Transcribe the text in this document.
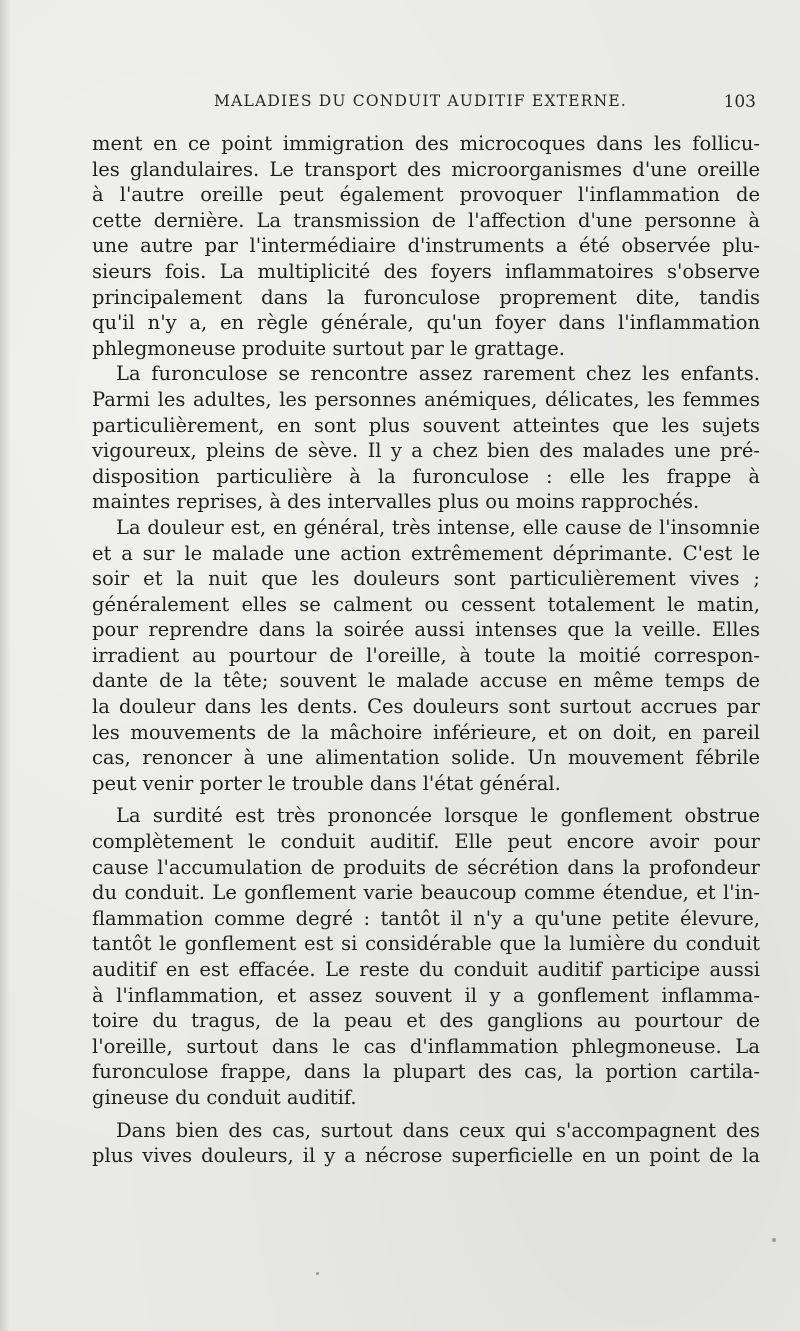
MALADIES DU CONDUIT AUDITIF EXTERNE.	103
ment en ce point immigration des microcoques dans les follicu-
les glandulaires. Le transport des microorganismes d'une oreille
à l'autre oreille peut également provoquer l'inflammation de
cette dernière. La transmission de l'affection d'une personne à
une autre par l'intermédiaire d'instruments a été observée plu-
sieurs fois. La multiplicité des foyers inflammatoires s'observe
principalement dans la furonculose proprement dite, tandis
qu'il n'y a, en règle générale, qu'un foyer dans l'inflammation
phlegmoneuse produite surtout par le grattage.
La furonculose se rencontre assez rarement chez les enfants.
Parmi les adultes, les personnes anémiques, délicates, les femmes
particulièrement, en sont plus souvent atteintes que les sujets
vigoureux, pleins de sève. Il y a chez bien des malades une pré-
disposition particulière à la furonculose : elle les frappe à
maintes reprises, à des intervalles plus ou moins rapprochés.
La douleur est, en général, très intense, elle cause de l'insomnie
et a sur le malade une action extrêmement déprimante. C'est le
soir et la nuit que les douleurs sont particulièrement vives ;
généralement elles se calment ou cessent totalement le matin,
pour reprendre dans la soirée aussi intenses que la veille. Elles
irradient au pourtour de l'oreille, à toute la moitié correspon-
dante de la tête; souvent le malade accuse en même temps de
la douleur dans les dents. Ces douleurs sont surtout accrues par
les mouvements de la mâchoire inférieure, et on doit, en pareil
cas, renoncer à une alimentation solide. Un mouvement fébrile
peut venir porter le trouble dans l'état général.
La surdité est très prononcée lorsque le gonflement obstrue
complètement le conduit auditif. Elle peut encore avoir pour
cause l'accumulation de produits de sécrétion dans la profondeur
du conduit. Le gonflement varie beaucoup comme étendue, et l'in-
flammation comme degré : tantôt il n'y a qu'une petite élevure,
tantôt le gonflement est si considérable que la lumière du conduit
auditif en est effacée. Le reste du conduit auditif participe aussi
à l'inflammation, et assez souvent il y a gonflement inflamma-
toire du tragus, de la peau et des ganglions au pourtour de
l'oreille, surtout dans le cas d'inflammation phlegmoneuse. La
furonculose frappe, dans la plupart des cas, la portion cartila-
gineuse du conduit auditif.
Dans bien des cas, surtout dans ceux qui s'accompagnent des
plus vives douleurs, il y a nécrose superficielle en un point de la
